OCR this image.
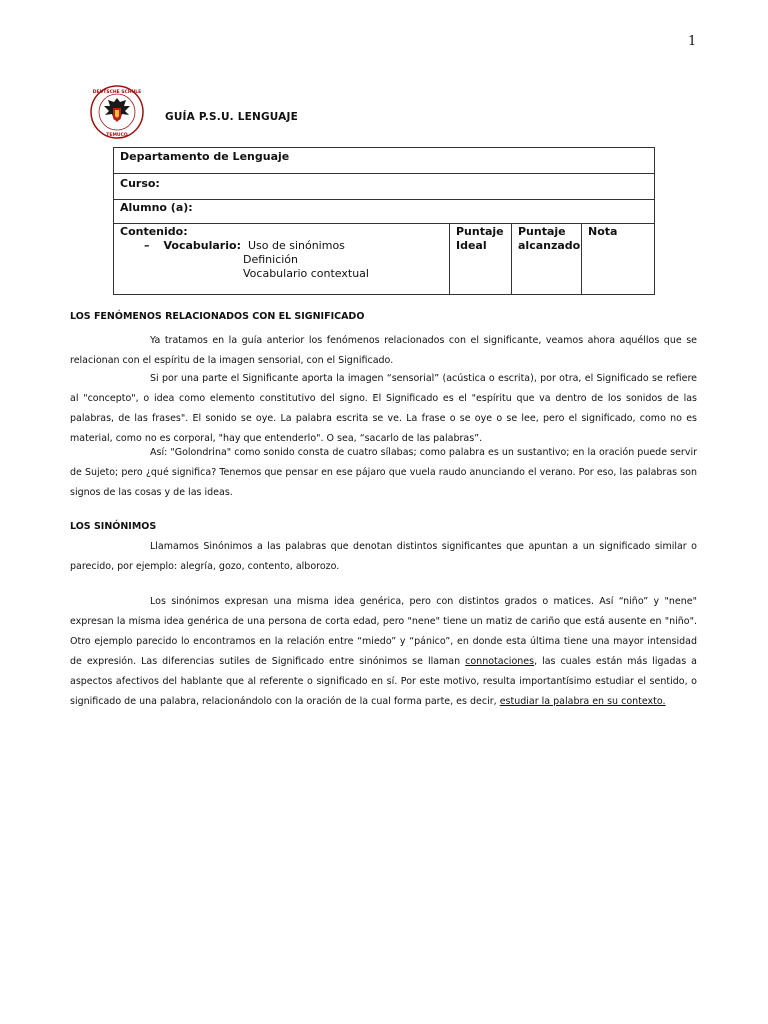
1
DEUTSCHE SCHULE
TEMUCO
GUÍA P.S.U. LENGUAJE
Departamento de Lenguaje
Curso:
Alumno (a):
Contenido:
– Vocabulario: Uso de sinónimos
Definición
Vocabulario contextual
Puntaje
Ideal
Puntaje
alcanzado
Nota
LOS FENÓMENOS RELACIONADOS CON EL SIGNIFICADO

Ya tratamos en la guía anterior los fenómenos relacionados con el significante, veamos ahora aquéllos que se relacionan con el espíritu de la imagen sensorial, con el Significado.

Si por una parte el Significante aporta la imagen “sensorial” (acústica o escrita), por otra, el Significado se refiere al "concepto", o idea como elemento constitutivo del signo. El Significado es el "espíritu que va dentro de los sonidos de las palabras, de las frases". El sonido se oye. La palabra escrita se ve. La frase o se oye o se lee, pero el significado, como no es material, como no es corporal, "hay que entenderlo". O sea, “sacarlo de las palabras”.

Así: "Golondrina" como sonido consta de cuatro sílabas; como palabra es un sustantivo; en la oración puede servir de Sujeto; pero ¿qué significa? Tenemos que pensar en ese pájaro que vuela raudo anunciando el verano. Por eso, las palabras son signos de las cosas y de las ideas.

LOS SINÓNIMOS

Llamamos Sinónimos a las palabras que denotan distintos significantes que apuntan a un significado similar o parecido, por ejemplo: alegría, gozo, contento, alborozo.

Los sinónimos expresan una misma idea genérica, pero con distintos grados o matices. Así “niño” y "nene" expresan la misma idea genérica de una persona de corta edad, pero "nene" tiene un matiz de cariño que está ausente en "niño". Otro ejemplo parecido lo encontramos en la relación entre “miedo” y “pánico”, en donde esta última tiene una mayor intensidad de expresión. Las diferencias sutiles de Significado entre sinónimos se llaman connotaciones, las cuales están más ligadas a aspectos afectivos del hablante que al referente o significado en sí. Por este motivo, resulta importantísimo estudiar el sentido, o significado de una palabra, relacionándolo con la oración de la cual forma parte, es decir, estudiar la palabra en su contexto.
